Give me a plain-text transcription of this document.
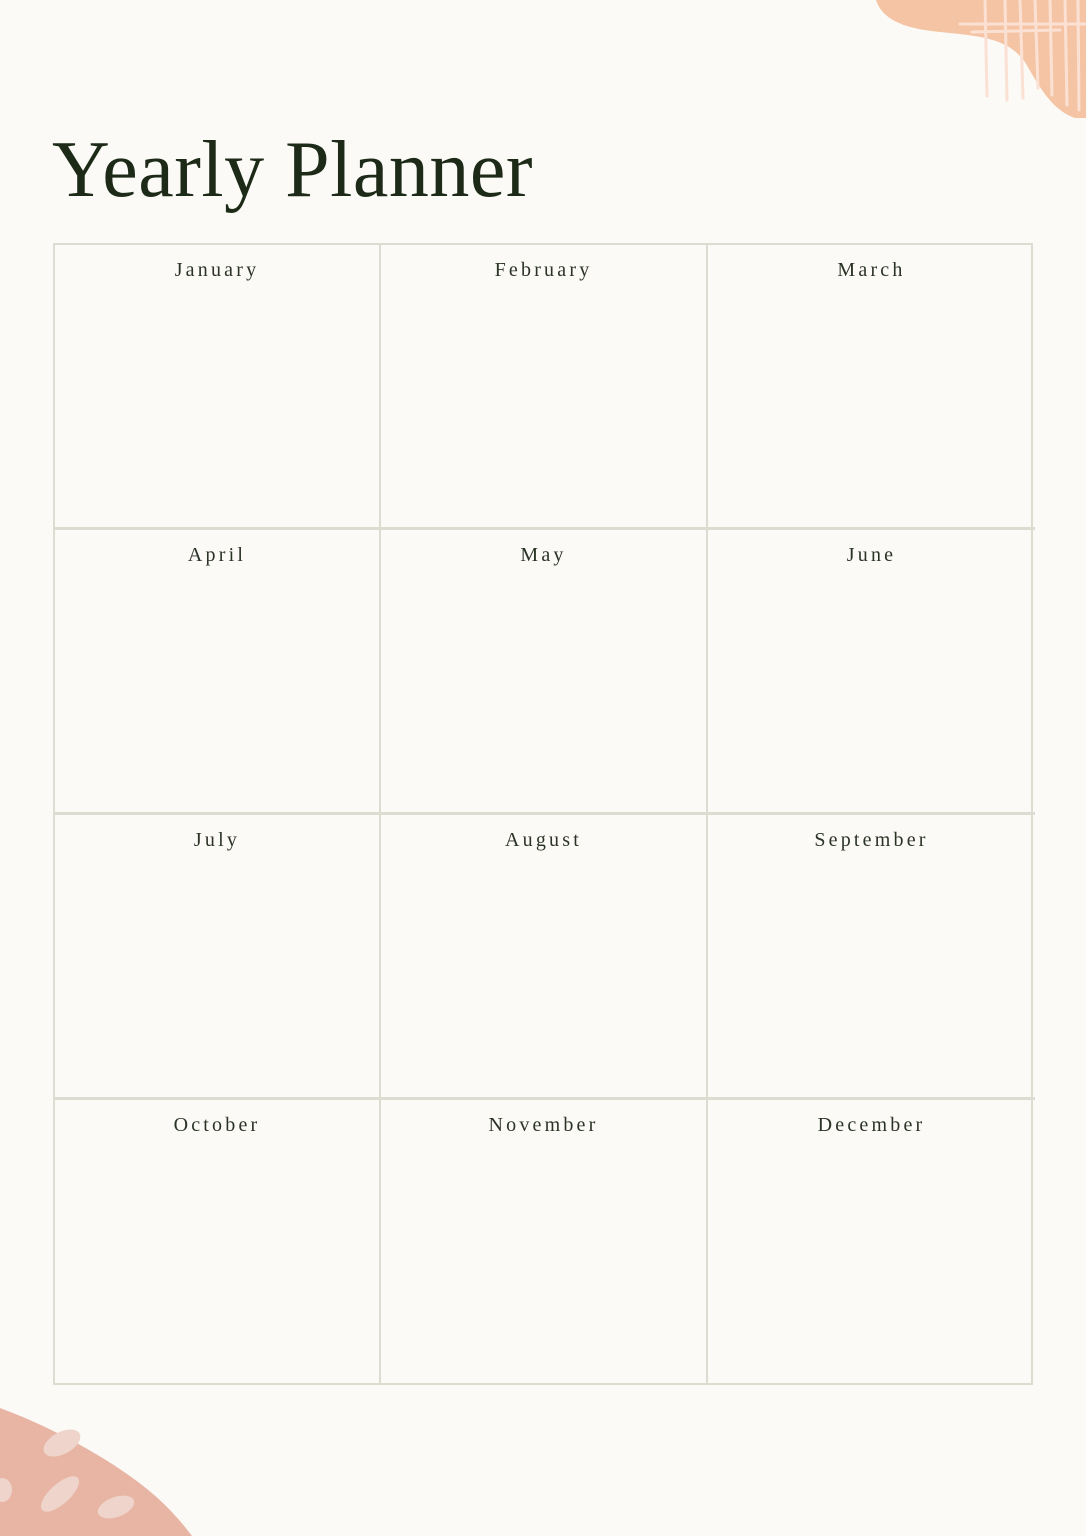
Yearly Planner
January	February	March
April	May	June
July	August	September
October	November	December
